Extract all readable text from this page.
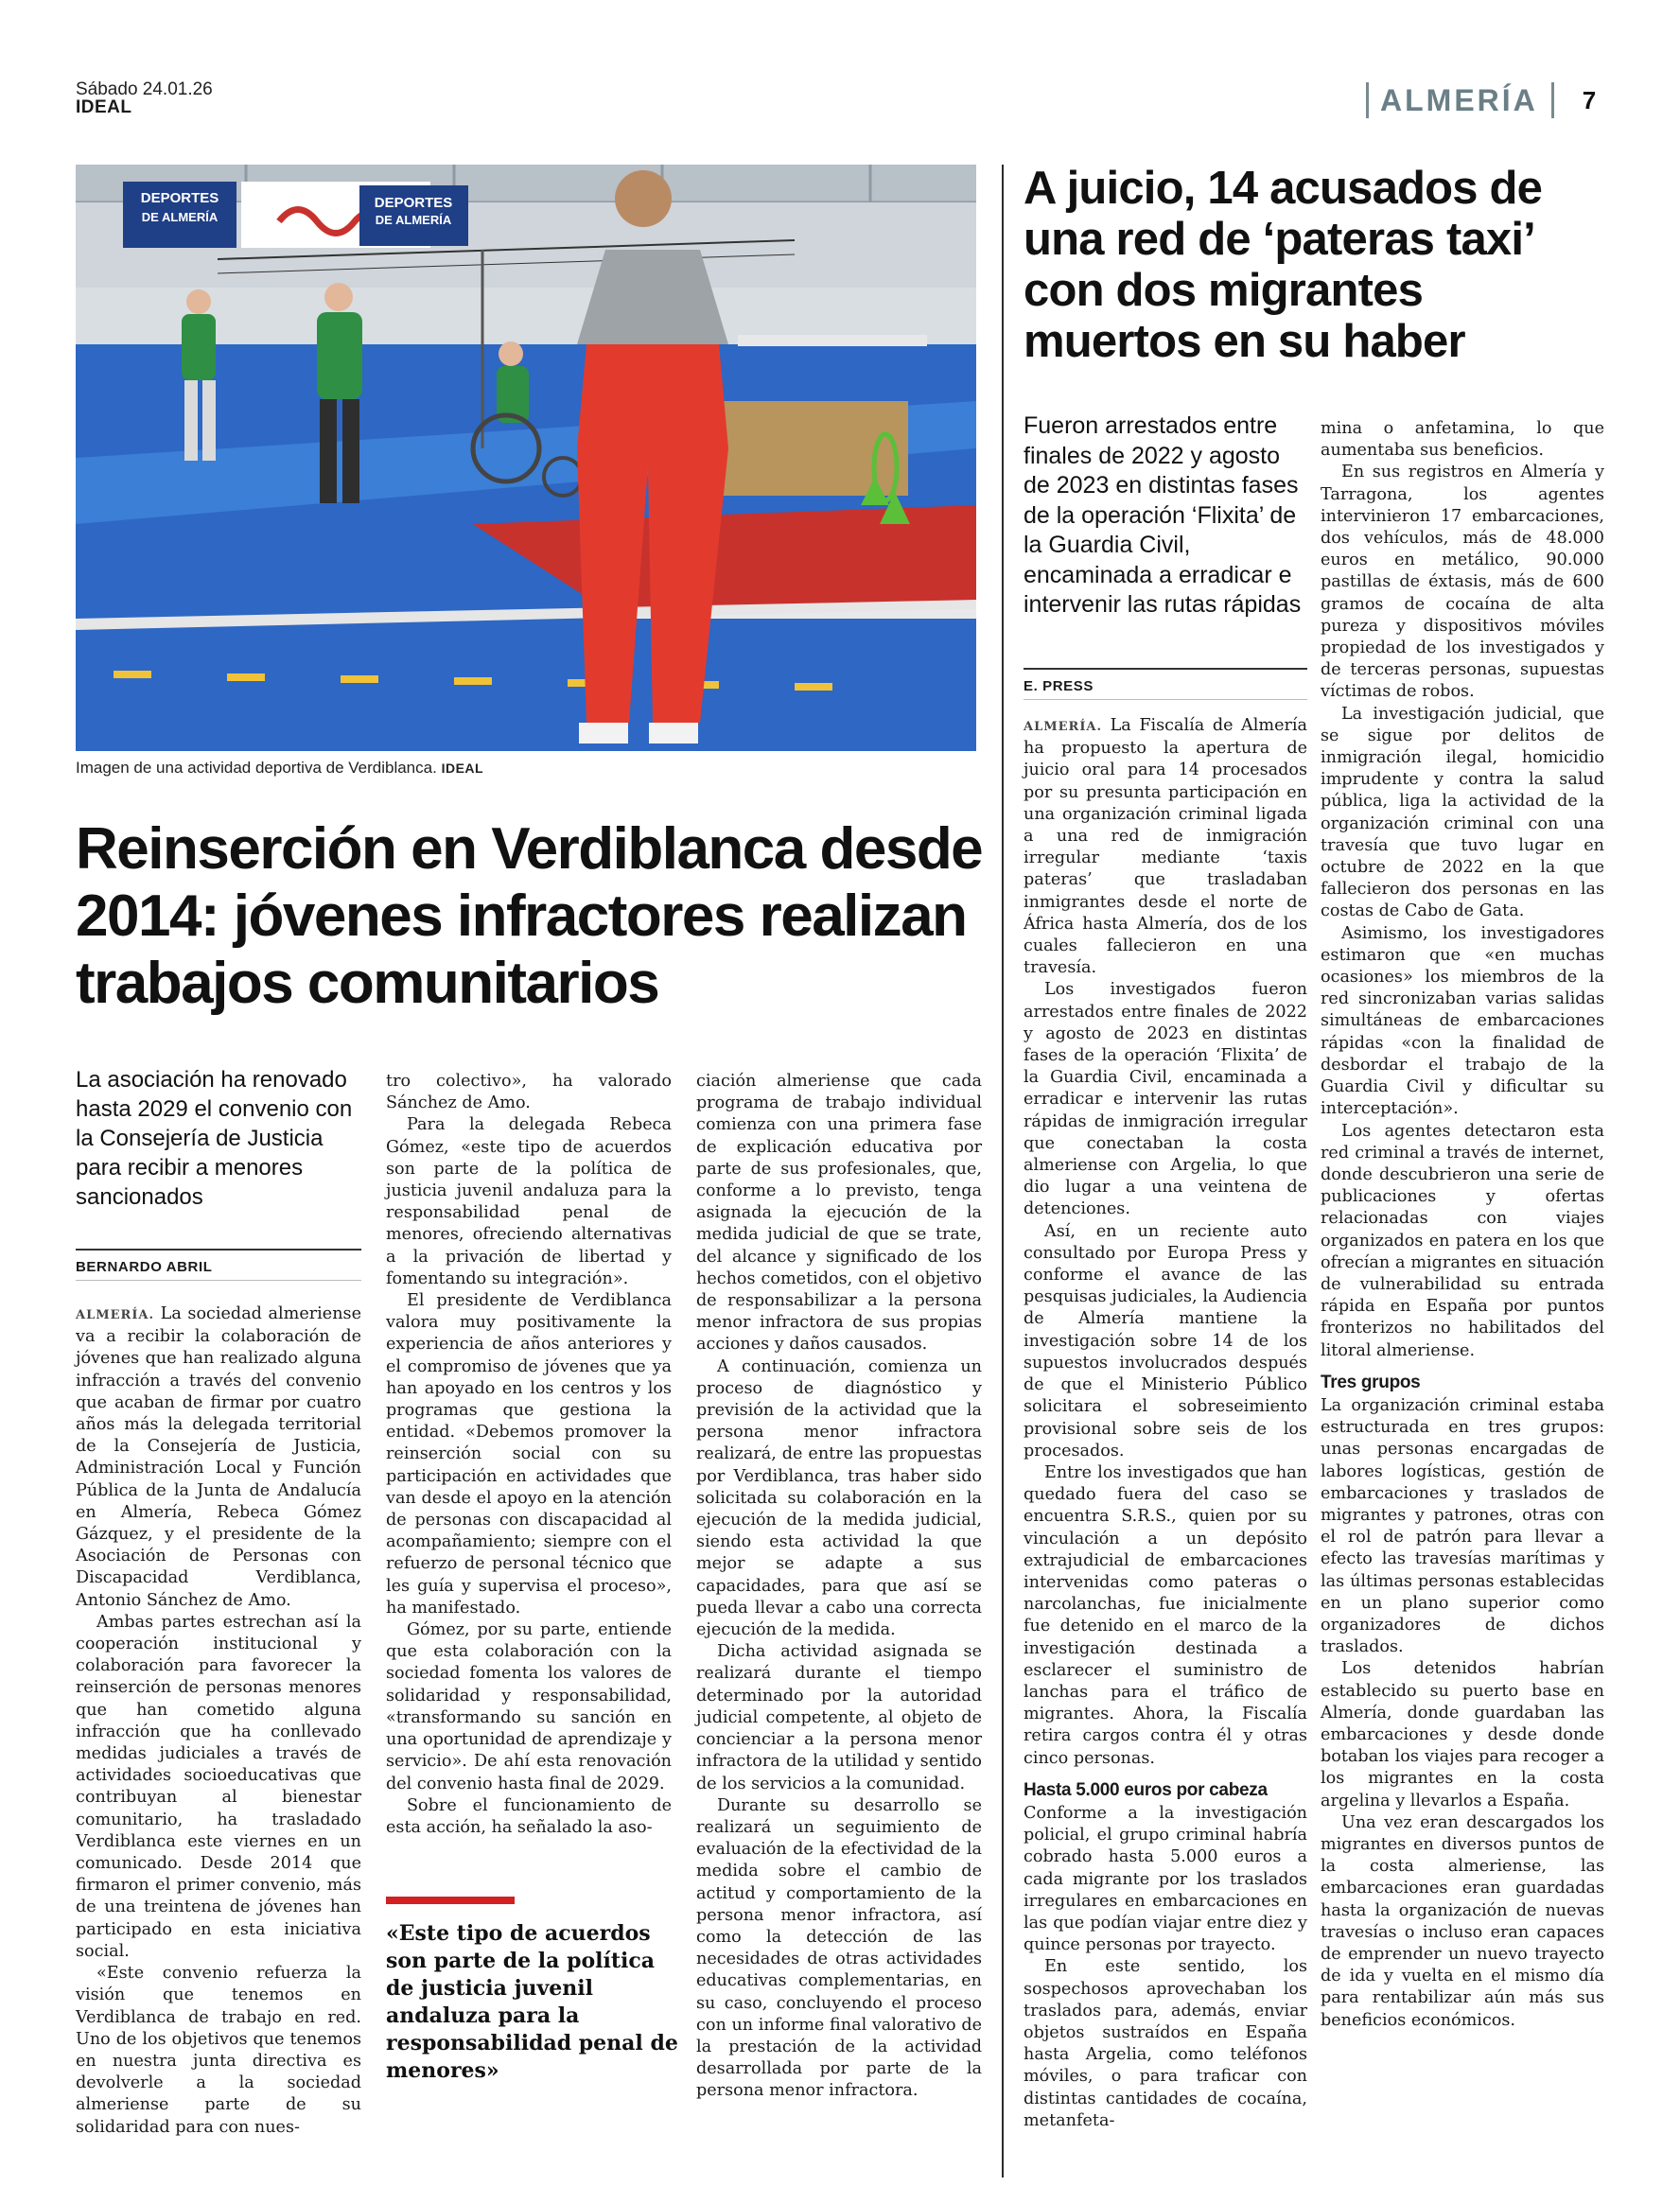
Sábado 24.01.26
IDEAL	ALMERÍA	7
DEPORTES
DE ALMERÍA
DEPORTES
DE ALMERÍA
Imagen de una actividad deportiva de Verdiblanca. IDEAL
Reinserción en Verdiblanca desde 2014: jóvenes infractores realizan trabajos comunitarios
La asociación ha renovado hasta 2029 el convenio con la Consejería de Justicia para recibir a menores sancionados
BERNARDO ABRIL

ALMERÍA. La sociedad almeriense va a recibir la colaboración de jóvenes que han realizado alguna infracción a través del convenio que acaban de firmar por cuatro años más la delegada territorial de la Consejería de Justicia, Administración Local y Función Pública de la Junta de Andalucía en Almería, Rebeca Gómez Gázquez, y el presidente de la Asociación de Personas con Discapacidad Verdiblanca, Antonio Sánchez de Amo.

Ambas partes estrechan así la cooperación institucional y colaboración para favorecer la reinserción de personas menores que han cometido alguna infracción que ha conllevado medidas judiciales a través de actividades socioeducativas que contribuyan al bienestar comunitario, ha trasladado Verdiblanca este viernes en un comunicado. Desde 2014 que firmaron el primer convenio, más de una treintena de jóvenes han participado en esta iniciativa social.

«Este convenio refuerza la visión que tenemos en Verdiblanca de trabajo en red. Uno de los objetivos que tenemos en nuestra junta directiva es devolverle a la sociedad almeriense parte de su solidaridad para con nues-

tro colectivo», ha valorado Sánchez de Amo.

Para la delegada Rebeca Gómez, «este tipo de acuerdos son parte de la política de justicia juvenil andaluza para la responsabilidad penal de menores, ofreciendo alternativas a la privación de libertad y fomentando su integración».

El presidente de Verdiblanca valora muy positivamente la experiencia de años anteriores y el compromiso de jóvenes que ya han apoyado en los centros y los programas que gestiona la entidad. «Debemos promover la reinserción social con su participación en actividades que van desde el apoyo en la atención de personas con discapacidad al acompañamiento; siempre con el refuerzo de personal técnico que les guía y supervisa el proceso», ha manifestado.

Gómez, por su parte, entiende que esta colaboración con la sociedad fomenta los valores de solidaridad y responsabilidad, «transformando su sanción en una oportunidad de aprendizaje y servicio». De ahí esta renovación del convenio hasta final de 2029.

Sobre el funcionamiento de esta acción, ha señalado la aso-

«Este tipo de acuerdos son parte de la política de justicia juvenil andaluza para la responsabilidad penal de menores»

ciación almeriense que cada programa de trabajo individual comienza con una primera fase de explicación educativa por parte de sus profesionales, que, conforme a lo previsto, tenga asignada la ejecución de la medida judicial de que se trate, del alcance y significado de los hechos cometidos, con el objetivo de responsabilizar a la persona menor infractora de sus propias acciones y daños causados.

A continuación, comienza un proceso de diagnóstico y previsión de la actividad que la persona menor infractora realizará, de entre las propuestas por Verdiblanca, tras haber sido solicitada su colaboración en la ejecución de la medida judicial, siendo esta actividad la que mejor se adapte a sus capacidades, para que así se pueda llevar a cabo una correcta ejecución de la medida.

Dicha actividad asignada se realizará durante el tiempo determinado por la autoridad judicial competente, al objeto de concienciar a la persona menor infractora de la utilidad y sentido de los servicios a la comunidad.

Durante su desarrollo se realizará un seguimiento de evaluación de la efectividad de la medida sobre el cambio de actitud y comportamiento de la persona menor infractora, así como la detección de las necesidades de otras actividades educativas complementarias, en su caso, concluyendo el proceso con un informe final valorativo de la prestación de la actividad desarrollada por parte de la persona menor infractora.

A juicio, 14 acusados de una red de ‘pateras taxi’ con dos migrantes muertos en su haber
Fueron arrestados entre finales de 2022 y agosto de 2023 en distintas fases de la operación ‘Flixita’ de la Guardia Civil, encaminada a erradicar e intervenir las rutas rápidas
E. PRESS

ALMERÍA. La Fiscalía de Almería ha propuesto la apertura de juicio oral para 14 procesados por su presunta participación en una organización criminal ligada a una red de inmigración irregular mediante ‘taxis pateras’ que trasladaban inmigrantes desde el norte de África hasta Almería, dos de los cuales fallecieron en una travesía.

Los investigados fueron arrestados entre finales de 2022 y agosto de 2023 en distintas fases de la operación ‘Flixita’ de la Guardia Civil, encaminada a erradicar e intervenir las rutas rápidas de inmigración irregular que conectaban la costa almeriense con Argelia, lo que dio lugar a una veintena de detenciones.

Así, en un reciente auto consultado por Europa Press y conforme el avance de las pesquisas judiciales, la Audiencia de Almería mantiene la investigación sobre 14 de los supuestos involucrados después de que el Ministerio Público solicitara el sobreseimiento provisional sobre seis de los procesados.

Entre los investigados que han quedado fuera del caso se encuentra S.R.S., quien por su vinculación a un depósito extrajudicial de embarcaciones intervenidas como pateras o narcolanchas, fue inicialmente fue detenido en el marco de la investigación destinada a esclarecer el suministro de lanchas para el tráfico de migrantes. Ahora, la Fiscalía retira cargos contra él y otras cinco personas.

Hasta 5.000 euros por cabeza

Conforme a la investigación policial, el grupo criminal habría cobrado hasta 5.000 euros a cada migrante por los traslados irregulares en embarcaciones en las que podían viajar entre diez y quince personas por trayecto.

En este sentido, los sospechosos aprovechaban los traslados para, además, enviar objetos sustraídos en España hasta Argelia, como teléfonos móviles, o para traficar con distintas cantidades de cocaína, metanfeta-

mina o anfetamina, lo que aumentaba sus beneficios.

En sus registros en Almería y Tarragona, los agentes intervinieron 17 embarcaciones, dos vehículos, más de 48.000 euros en metálico, 90.000 pastillas de éxtasis, más de 600 gramos de cocaína de alta pureza y dispositivos móviles propiedad de los investigados y de terceras personas, supuestas víctimas de robos.

La investigación judicial, que se sigue por delitos de inmigración ilegal, homicidio imprudente y contra la salud pública, liga la actividad de la organización criminal con una travesía que tuvo lugar en octubre de 2022 en la que fallecieron dos personas en las costas de Cabo de Gata.

Asimismo, los investigadores estimaron que «en muchas ocasiones» los miembros de la red sincronizaban varias salidas simultáneas de embarcaciones rápidas «con la finalidad de desbordar el trabajo de la Guardia Civil y dificultar su interceptación».

Los agentes detectaron esta red criminal a través de internet, donde descubrieron una serie de publicaciones y ofertas relacionadas con viajes organizados en patera en los que ofrecían a migrantes en situación de vulnerabilidad su entrada rápida en España por puntos fronterizos no habilitados del litoral almeriense.

Tres grupos

La organización criminal estaba estructurada en tres grupos: unas personas encargadas de labores logísticas, gestión de embarcaciones y traslados de migrantes y patrones, otras con el rol de patrón para llevar a efecto las travesías marítimas y las últimas personas establecidas en un plano superior como organizadores de dichos traslados.

Los detenidos habrían establecido su puerto base en Almería, donde guardaban las embarcaciones y desde donde botaban los viajes para recoger a los migrantes en la costa argelina y llevarlos a España.

Una vez eran descargados los migrantes en diversos puntos de la costa almeriense, las embarcaciones eran guardadas hasta la organización de nuevas travesías o incluso eran capaces de emprender un nuevo trayecto de ida y vuelta en el mismo día para rentabilizar aún más sus beneficios económicos.
